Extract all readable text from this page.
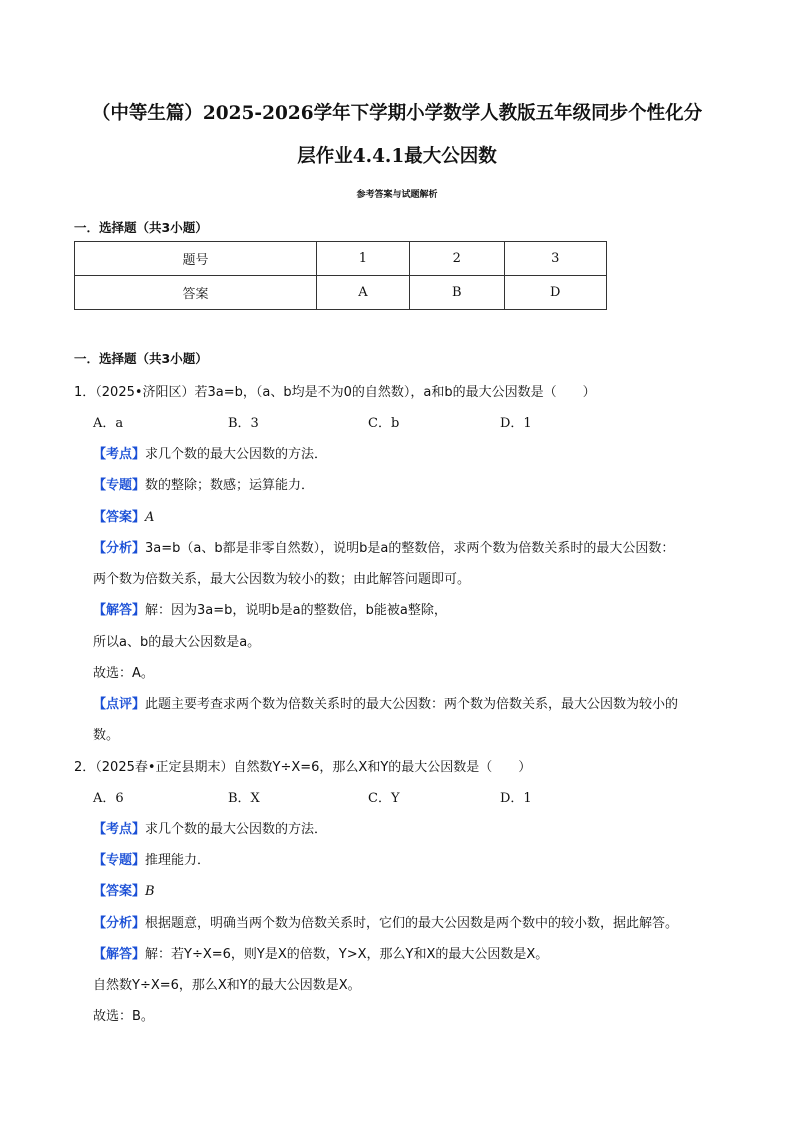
（中等生篇）2025-2026学年下学期小学数学人教版五年级同步个性化分
层作业4.4.1最大公因数
参考答案与试题解析
一．选择题（共3小题）
题号	1	2	3
答案	A	B	D
一．选择题（共3小题）
1．（2025•济阳区）若3a=b，（a、b均是不为0的自然数），a和b的最大公因数是（　　）
A．a	B．3	C．b	D．1
【考点】求几个数的最大公因数的方法．
【专题】数的整除；数感；运算能力．
【答案】A
【分析】3a=b（a、b都是非零自然数），说明b是a的整数倍，求两个数为倍数关系时的最大公因数：
两个数为倍数关系，最大公因数为较小的数；由此解答问题即可。
【解答】解：因为3a=b，说明b是a的整数倍，b能被a整除，
所以a、b的最大公因数是a。
故选：A。
【点评】此题主要考查求两个数为倍数关系时的最大公因数：两个数为倍数关系，最大公因数为较小的
数。
2．（2025春•正定县期末）自然数Y÷X=6，那么X和Y的最大公因数是（　　）
A．6	B．X	C．Y	D．1
【考点】求几个数的最大公因数的方法．
【专题】推理能力．
【答案】B
【分析】根据题意，明确当两个数为倍数关系时，它们的最大公因数是两个数中的较小数，据此解答。
【解答】解：若Y÷X=6，则Y是X的倍数，Y>X，那么Y和X的最大公因数是X。
自然数Y÷X=6，那么X和Y的最大公因数是X。
故选：B。
